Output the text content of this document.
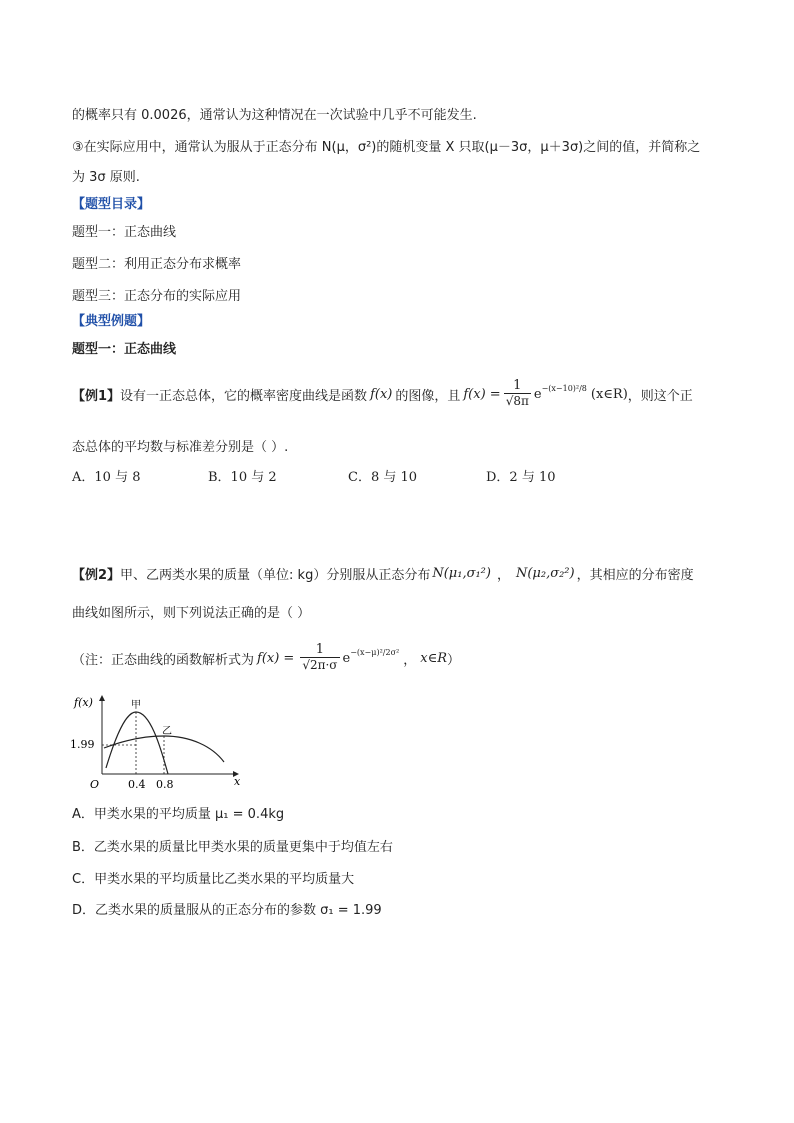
的概率只有 0.0026，通常认为这种情况在一次试验中几乎不可能发生.
③在实际应用中，通常认为服从于正态分布 N(μ，σ²)的随机变量 X 只取(μ－3σ，μ＋3σ)之间的值，并简称之
为 3σ 原则.
【题型目录】
题型一：正态曲线
题型二：利用正态分布求概率
题型三：正态分布的实际应用
【典型例题】
题型一：正态曲线
【例1】 设有一正态总体，它的概率密度曲线是函数 f(x) 的图像，且 $f(x) = \frac{1}{√8\pi}$ e −(x−10)²/8 (x∈R) ，则这个正
态总体的平均数与标准差分别是（ ）.
A．10 与 8	B．10 与 2	C．8 与 10	D．2 与 10
【例2】 甲、乙两类水果的质量（单位: kg）分别服从正态分布 N(μ₁,σ₁²) ， N(μ₂,σ₂²) ，其相应的分布密度
曲线如图所示，则下列说法正确的是（ ）
（注：正态曲线的函数解析式为 $f(x) = \frac{1}{√2\pi\cdot\sigma}$ e −(x−μ)²/2σ²
， x∈R ）
f(x)
x
O
1.99
0.4 0.8
甲
乙
A．甲类水果的平均质量 μ₁ = 0.4kg
B．乙类水果的质量比甲类水果的质量更集中于均值左右
C．甲类水果的平均质量比乙类水果的平均质量大
D．乙类水果的质量服从的正态分布的参数 σ₁ = 1.99
